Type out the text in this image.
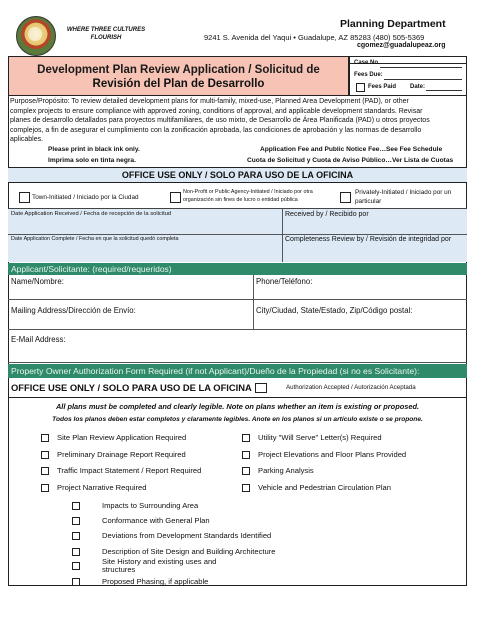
WHERE THREE CULTURES FLOURISH
Planning Department
9241 S. Avenida del Yaqui • Guadalupe, AZ 85283 (480) 505-5369
cgomez@guadalupeaz.org
Development Plan Review Application / Solicitud de
Revisión del Plan de Desarrollo
Case No.
Fees Due:
Fees Paid Date:
Purpose/Propósito: To review detailed development plans for multi-family, mixed-use, Planned Area Development (PAD), or other
complex projects to ensure compliance with approved zoning, conditions of approval, and applicable development standards. Revisar
planes de desarrollo detallados para proyectos multifamiliares, de uso mixto, de Desarrollo de Área Planificada (PAD) u otros proyectos
complejos, a fin de asegurar el cumplimiento con la zonificación aprobada, las condiciones de aprobación y las normas de desarrollo
aplicables.
Please print in black ink only.
Imprima solo en tinta negra.
Application Fee and Public Notice Fee…See Fee Schedule
Cuota de Solicitud y Cuota de Aviso Público…Ver Lista de Cuotas
OFFICE USE ONLY / SOLO PARA USO DE LA OFICINA
Town-Initiated / Iniciado por la Ciudad
Non-Profit or Public Agency-Initiated / Iniciado por otra
organización sin fines de lucro o entidad pública
Privately-Initiated / Iniciado por un
particular
Date Application Received / Fecha de recepción de la solicitud	Received by / Recibido por
Date Application Complete / Fecha en que la solicitud quedó completa	Completeness Review by / Revisión de integridad por
Applicant/Solicitante: (required/requeridos)
Name/Nombre:	Phone/Teléfono:
Mailing Address/Dirección de Envío:	City/Ciudad, State/Estado, Zip/Código postal:
E-Mail Address:
Property Owner Authorization Form Required (if not Applicant)/Dueño de la Propiedad (si no es Solicitante):
OFFICE USE ONLY / SOLO PARA USO DE LA OFICINA	Authorization Accepted / Autorización Aceptada
All plans must be completed and clearly legible. Note on plans whether an item is existing or proposed.
Todos los planos deben estar completos y claramente legibles. Anote en los planos si un artículo existe o se propone.
Site Plan Review Application Required
Preliminary Drainage Report Required
Traffic Impact Statement / Report Required
Project Narrative Required
Utility "Will Serve" Letter(s) Required
Project Elevations and Floor Plans Provided
Parking Analysis
Vehicle and Pedestrian Circulation Plan
Impacts to Surrounding Area
Conformance with General Plan
Deviations from Development Standards Identified
Description of Site Design and Building Architecture
Site History and existing uses and structures
Proposed Phasing, if applicable
